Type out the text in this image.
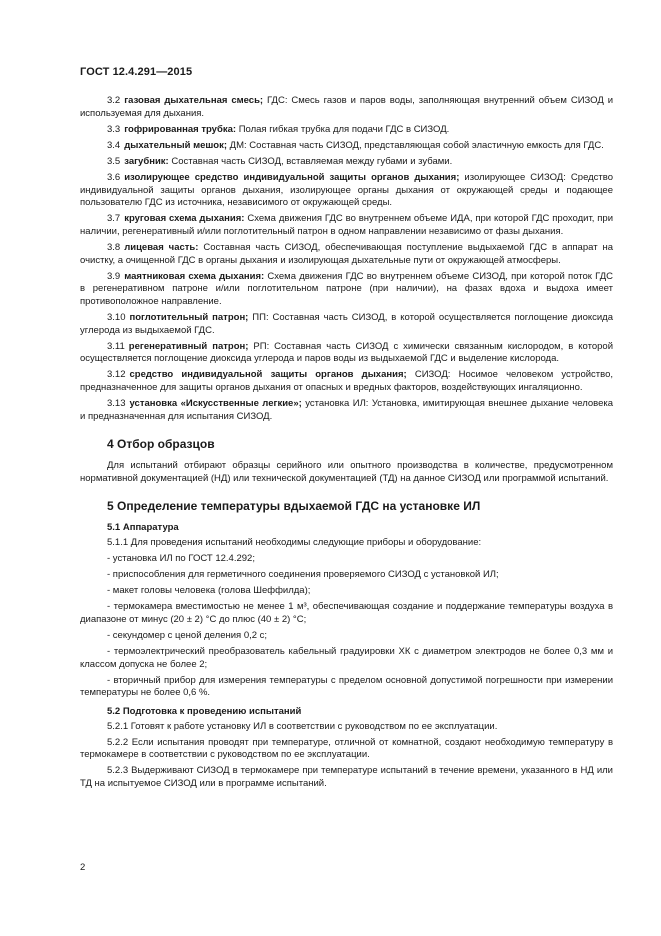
ГОСТ 12.4.291—2015

3.2 газовая дыхательная смесь; ГДС: Смесь газов и паров воды, заполняющая внутренний объем СИЗОД и используемая для дыхания.

3.3 гофрированная трубка: Полая гибкая трубка для подачи ГДС в СИЗОД.

3.4 дыхательный мешок; ДМ: Составная часть СИЗОД, представляющая собой эластичную емкость для ГДС.

3.5 загубник: Составная часть СИЗОД, вставляемая между губами и зубами.

3.6 изолирующее средство индивидуальной защиты органов дыхания; изолирующее СИЗОД: Средство индивидуальной защиты органов дыхания, изолирующее органы дыхания от окружающей среды и подающее пользователю ГДС из источника, независимого от окружающей среды.

3.7 круговая схема дыхания: Схема движения ГДС во внутреннем объеме ИДА, при которой ГДС проходит, при наличии, регенеративный и/или поглотительный патрон в одном направлении независимо от фазы дыхания.

3.8 лицевая часть: Составная часть СИЗОД, обеспечивающая поступление выдыхаемой ГДС в аппарат на очистку, а очищенной ГДС в органы дыхания и изолирующая дыхательные пути от окружающей атмосферы.

3.9 маятниковая схема дыхания: Схема движения ГДС во внутреннем объеме СИЗОД, при которой поток ГДС в регенеративном патроне и/или поглотительном патроне (при наличии), на фазах вдоха и выдоха имеет противоположное направление.

3.10 поглотительный патрон; ПП: Составная часть СИЗОД, в которой осуществляется поглощение диоксида углерода из выдыхаемой ГДС.

3.11 регенеративный патрон; РП: Составная часть СИЗОД с химически связанным кислородом, в которой осуществляется поглощение диоксида углерода и паров воды из выдыхаемой ГДС и выделение кислорода.

3.12 средство индивидуальной защиты органов дыхания; СИЗОД: Носимое человеком устройство, предназначенное для защиты органов дыхания от опасных и вредных факторов, воздействующих ингаляционно.

3.13 установка «Искусственные легкие»; установка ИЛ: Установка, имитирующая внешнее дыхание человека и предназначенная для испытания СИЗОД.

4 Отбор образцов

Для испытаний отбирают образцы серийного или опытного производства в количестве, предусмотренном нормативной документацией (НД) или технической документацией (ТД) на данное СИЗОД или программой испытаний.

5 Определение температуры вдыхаемой ГДС на установке ИЛ
5.1 Аппаратура

5.1.1 Для проведения испытаний необходимы следующие приборы и оборудование:

- установка ИЛ по ГОСТ 12.4.292;

- приспособления для герметичного соединения проверяемого СИЗОД с установкой ИЛ;

- макет головы человека (голова Шеффилда);

- термокамера вместимостью не менее 1 м³, обеспечивающая создание и поддержание температуры воздуха в диапазоне от минус (20 ± 2) °С до плюс (40 ± 2) °С;

- секундомер с ценой деления 0,2 с;

- термоэлектрический преобразователь кабельный градуировки ХК с диаметром электродов не более 0,3 мм и классом допуска не более 2;

- вторичный прибор для измерения температуры с пределом основной допустимой погрешности при измерении температуры не более 0,6 %.

5.2 Подготовка к проведению испытаний

5.2.1 Готовят к работе установку ИЛ в соответствии с руководством по ее эксплуатации.

5.2.2 Если испытания проводят при температуре, отличной от комнатной, создают необходимую температуру в термокамере в соответствии с руководством по ее эксплуатации.

5.2.3 Выдерживают СИЗОД в термокамере при температуре испытаний в течение времени, указанного в НД или ТД на испытуемое СИЗОД или в программе испытаний.

2
